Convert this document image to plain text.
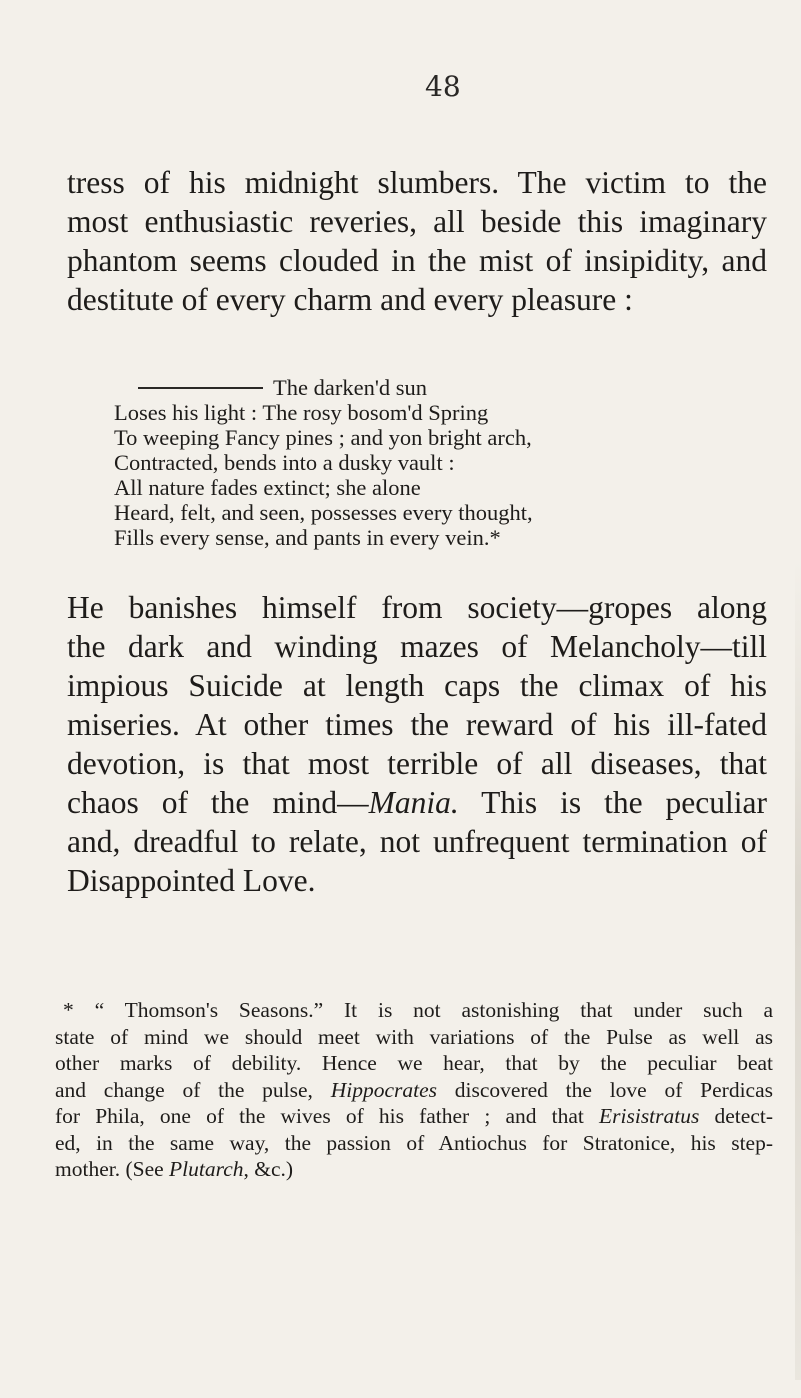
48

tress of his midnight slumbers. The victim to the
most enthusiastic reveries, all beside this imaginary
phantom seems clouded in the mist of insipidity, and
destitute of every charm and every pleasure :

The darken'd sun
Loses his light : The rosy bosom'd Spring
To weeping Fancy pines ; and yon bright arch,
Contracted, bends into a dusky vault :
All nature fades extinct; she alone
Heard, felt, and seen, possesses every thought,
Fills every sense, and pants in every vein.*

He banishes himself from society—gropes along
the dark and winding mazes of Melancholy—till
impious Suicide at length caps the climax of his
miseries. At other times the reward of his ill-fated
devotion, is that most terrible of all diseases, that
chaos of the mind—Mania. This is the peculiar
and, dreadful to relate, not unfrequent termination of
Disappointed Love.

* “ Thomson's Seasons.” It is not astonishing that under such a
state of mind we should meet with variations of the Pulse as well as
other marks of debility. Hence we hear, that by the peculiar beat
and change of the pulse, Hippocrates discovered the love of Perdicas
for Phila, one of the wives of his father ; and that Erisistratus detect-
ed, in the same way, the passion of Antiochus for Stratonice, his step-
mother. (See Plutarch, &c.)
